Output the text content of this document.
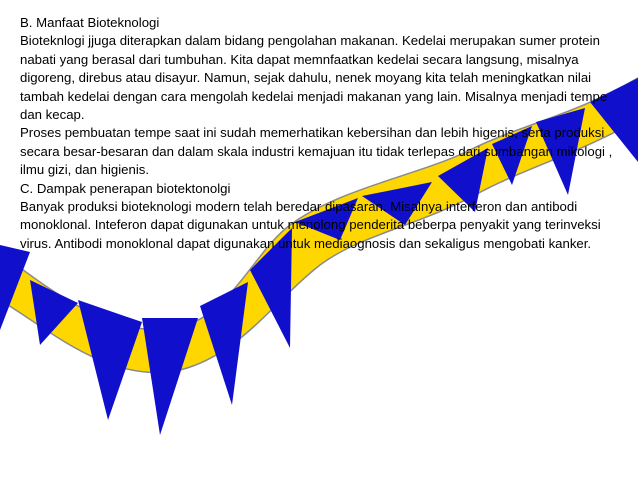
B. Manfaat Bioteknologi

Bioteknlogi jjuga diterapkan dalam bidang pengolahan makanan. Kedelai merupakan sumer protein nabati yang berasal dari tumbuhan. Kita dapat memnfaatkan kedelai secara langsung, misalnya digoreng, direbus atau disayur. Namun, sejak dahulu, nenek moyang kita telah meningkatkan nilai tambah kedelai dengan cara mengolah kedelai menjadi makanan yang lain. Misalnya menjadi tempe dan kecap.

Proses pembuatan tempe saat ini sudah memerhatikan kebersihan dan lebih higenis, serta produksi secara besar-besaran dan dalam skala industri kemajuan itu tidak terlepas dari sumbangan mikologi , ilmu gizi, dan higienis.

C. Dampak penerapan biotektonolgi

Banyak produksi bioteknologi modern telah beredar dipasaran. Misalnya interferon dan antibodi monoklonal. Inteferon dapat digunakan untuk menolong penderita beberpa penyakit yang terinveksi virus. Antibodi monoklonal dapat digunakan untuk mediaognosis dan sekaligus mengobati kanker.
